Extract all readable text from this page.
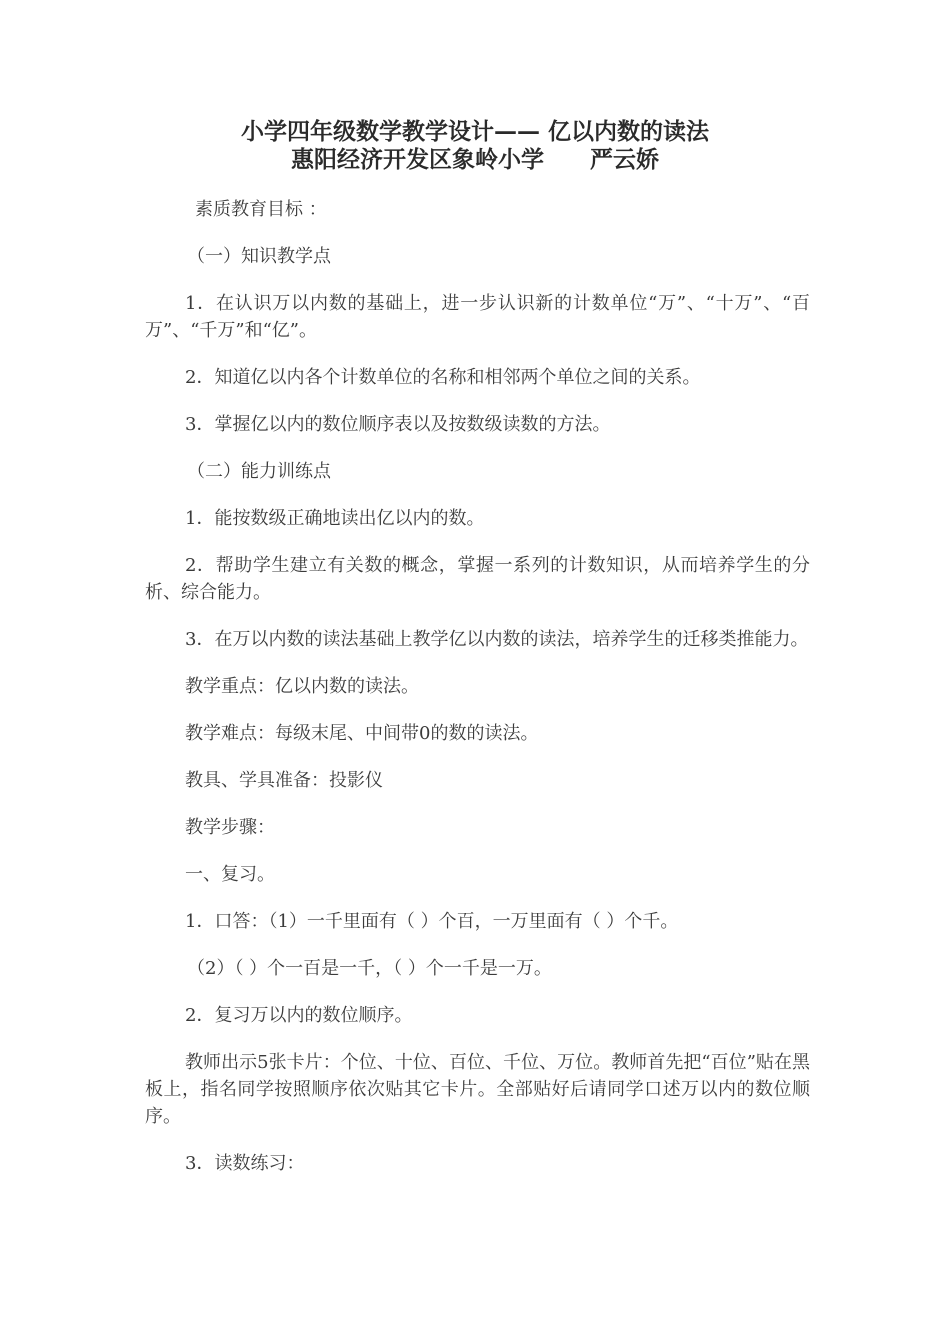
小学四年级数学教学设计—— 亿以内数的读法
惠阳经济开发区象岭小学　　严云娇

素质教育目标 ：

（一）知识教学点

1．在认识万以内数的基础上，进一步认识新的计数单位“万”、“十万”、“百万”、“千万”和“亿”。

2．知道亿以内各个计数单位的名称和相邻两个单位之间的关系。

3．掌握亿以内的数位顺序表以及按数级读数的方法。

（二）能力训练点

1．能按数级正确地读出亿以内的数。

2．帮助学生建立有关数的概念，掌握一系列的计数知识，从而培养学生的分析、综合能力。

3．在万以内数的读法基础上教学亿以内数的读法，培养学生的迁移类推能力。

教学重点：亿以内数的读法。

教学难点：每级末尾、中间带0的数的读法。

教具、学具准备：投影仪

教学步骤：

一、复习。

1．口答：（1）一千里面有（ ）个百，一万里面有（ ）个千。

（2）（ ）个一百是一千，（ ）个一千是一万。

2．复习万以内的数位顺序。

教师出示5张卡片：个位、十位、百位、千位、万位。教师首先把“百位”贴在黑板上，指名同学按照顺序依次贴其它卡片。全部贴好后请同学口述万以内的数位顺序。

3．读数练习：
